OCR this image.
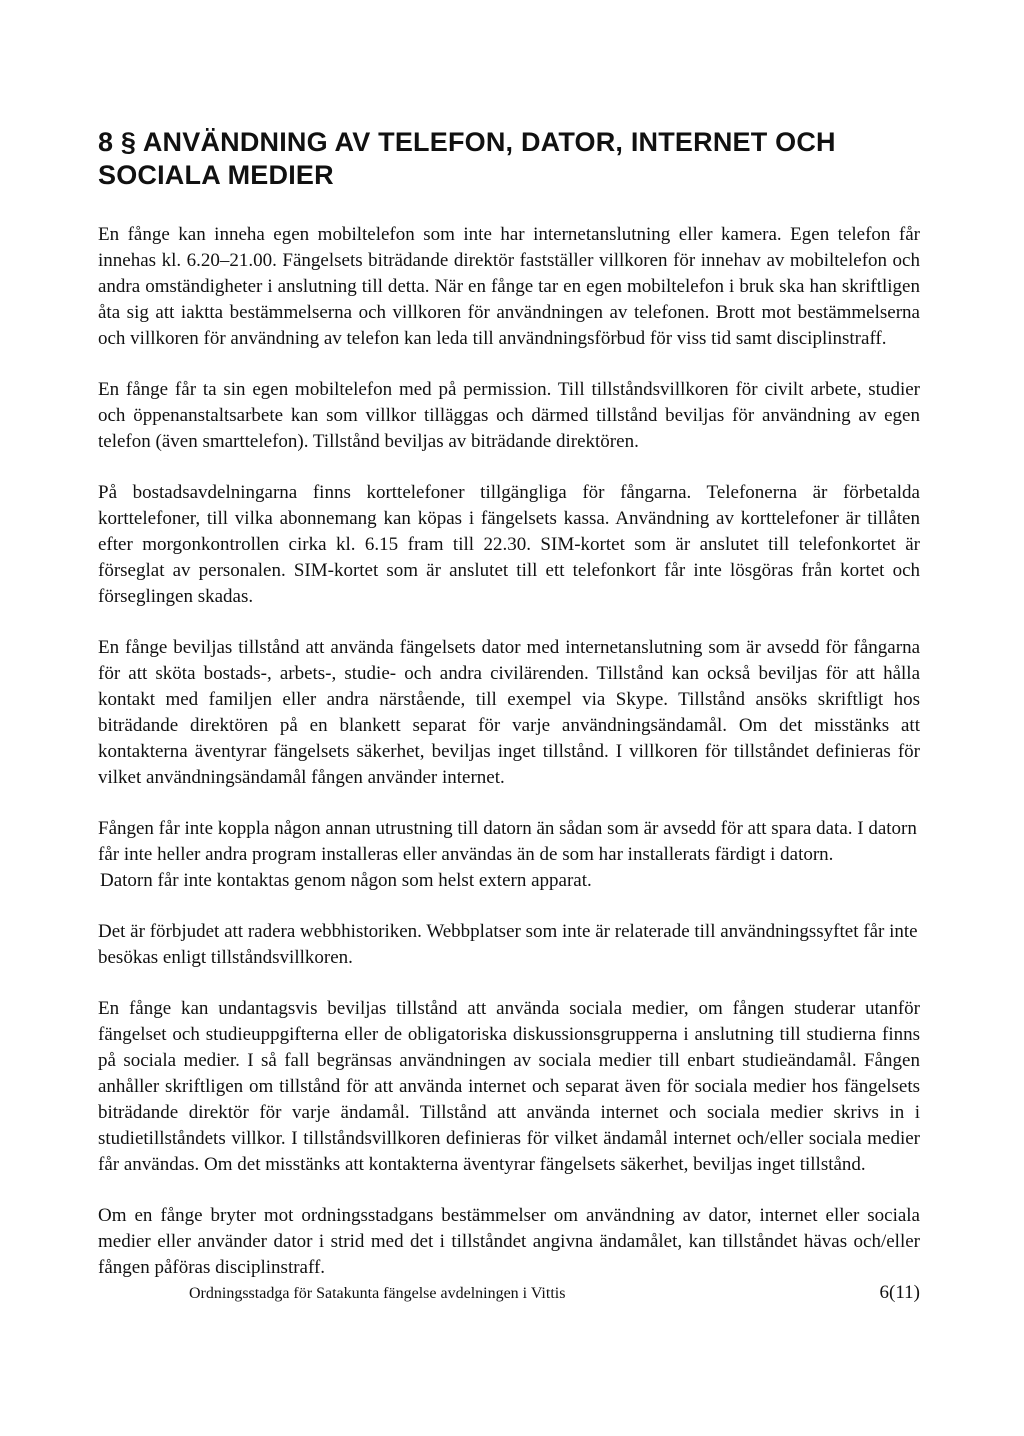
8 § ANVÄNDNING AV TELEFON, DATOR, INTERNET OCH
SOCIALA MEDIER

En fånge kan inneha egen mobiltelefon som inte har internetanslutning eller kamera. Egen telefon får innehas kl. 6.20–21.00. Fängelsets biträdande direktör fastställer villkoren för innehav av mobiltelefon och andra omständigheter i anslutning till detta. När en fånge tar en egen mobiltelefon i bruk ska han skriftligen åta sig att iaktta bestämmelserna och villkoren för användningen av telefonen. Brott mot bestämmelserna och villkoren för användning av telefon kan leda till användningsförbud för viss tid samt disciplinstraff.

En fånge får ta sin egen mobiltelefon med på permission. Till tillståndsvillkoren för civilt arbete, studier och öppenanstaltsarbete kan som villkor tilläggas och därmed tillstånd beviljas för användning av egen telefon (även smarttelefon). Tillstånd beviljas av biträdande direktören.

På bostadsavdelningarna finns korttelefoner tillgängliga för fångarna. Telefonerna är förbetalda korttelefoner, till vilka abonnemang kan köpas i fängelsets kassa. Användning av korttelefoner är tillåten efter morgonkontrollen cirka kl. 6.15 fram till 22.30. SIM-kortet som är anslutet till telefonkortet är förseglat av personalen. SIM-kortet som är anslutet till ett telefonkort får inte lösgöras från kortet och förseglingen skadas.

En fånge beviljas tillstånd att använda fängelsets dator med internetanslutning som är avsedd för fångarna för att sköta bostads-, arbets-, studie- och andra civilärenden. Tillstånd kan också beviljas för att hålla kontakt med familjen eller andra närstående, till exempel via Skype. Tillstånd ansöks skriftligt hos biträdande direktören på en blankett separat för varje användningsändamål. Om det misstänks att kontakterna äventyrar fängelsets säkerhet, beviljas inget tillstånd. I villkoren för tillståndet definieras för vilket användningsändamål fången använder internet.

Fången får inte koppla någon annan utrustning till datorn än sådan som är avsedd för att spara data. I datorn får inte heller andra program installeras eller användas än de som har installerats färdigt i datorn.

Datorn får inte kontaktas genom någon som helst extern apparat.

Det är förbjudet att radera webbhistoriken. Webbplatser som inte är relaterade till användningssyftet får inte besökas enligt tillståndsvillkoren.

En fånge kan undantagsvis beviljas tillstånd att använda sociala medier, om fången studerar utanför fängelset och studieuppgifterna eller de obligatoriska diskussionsgrupperna i anslutning till studierna finns på sociala medier. I så fall begränsas användningen av sociala medier till enbart studieändamål. Fången anhåller skriftligen om tillstånd för att använda internet och separat även för sociala medier hos fängelsets biträdande direktör för varje ändamål. Tillstånd att använda internet och sociala medier skrivs in i studietillståndets villkor. I tillståndsvillkoren definieras för vilket ändamål internet och/eller sociala medier får användas. Om det misstänks att kontakterna äventyrar fängelsets säkerhet, beviljas inget tillstånd.

Om en fånge bryter mot ordningsstadgans bestämmelser om användning av dator, internet eller sociala medier eller använder dator i strid med det i tillståndet angivna ändamålet, kan tillståndet hävas och/eller fången påföras disciplinstraff.

Ordningsstadga för Satakunta fängelse avdelningen i Vittis	6(11)
